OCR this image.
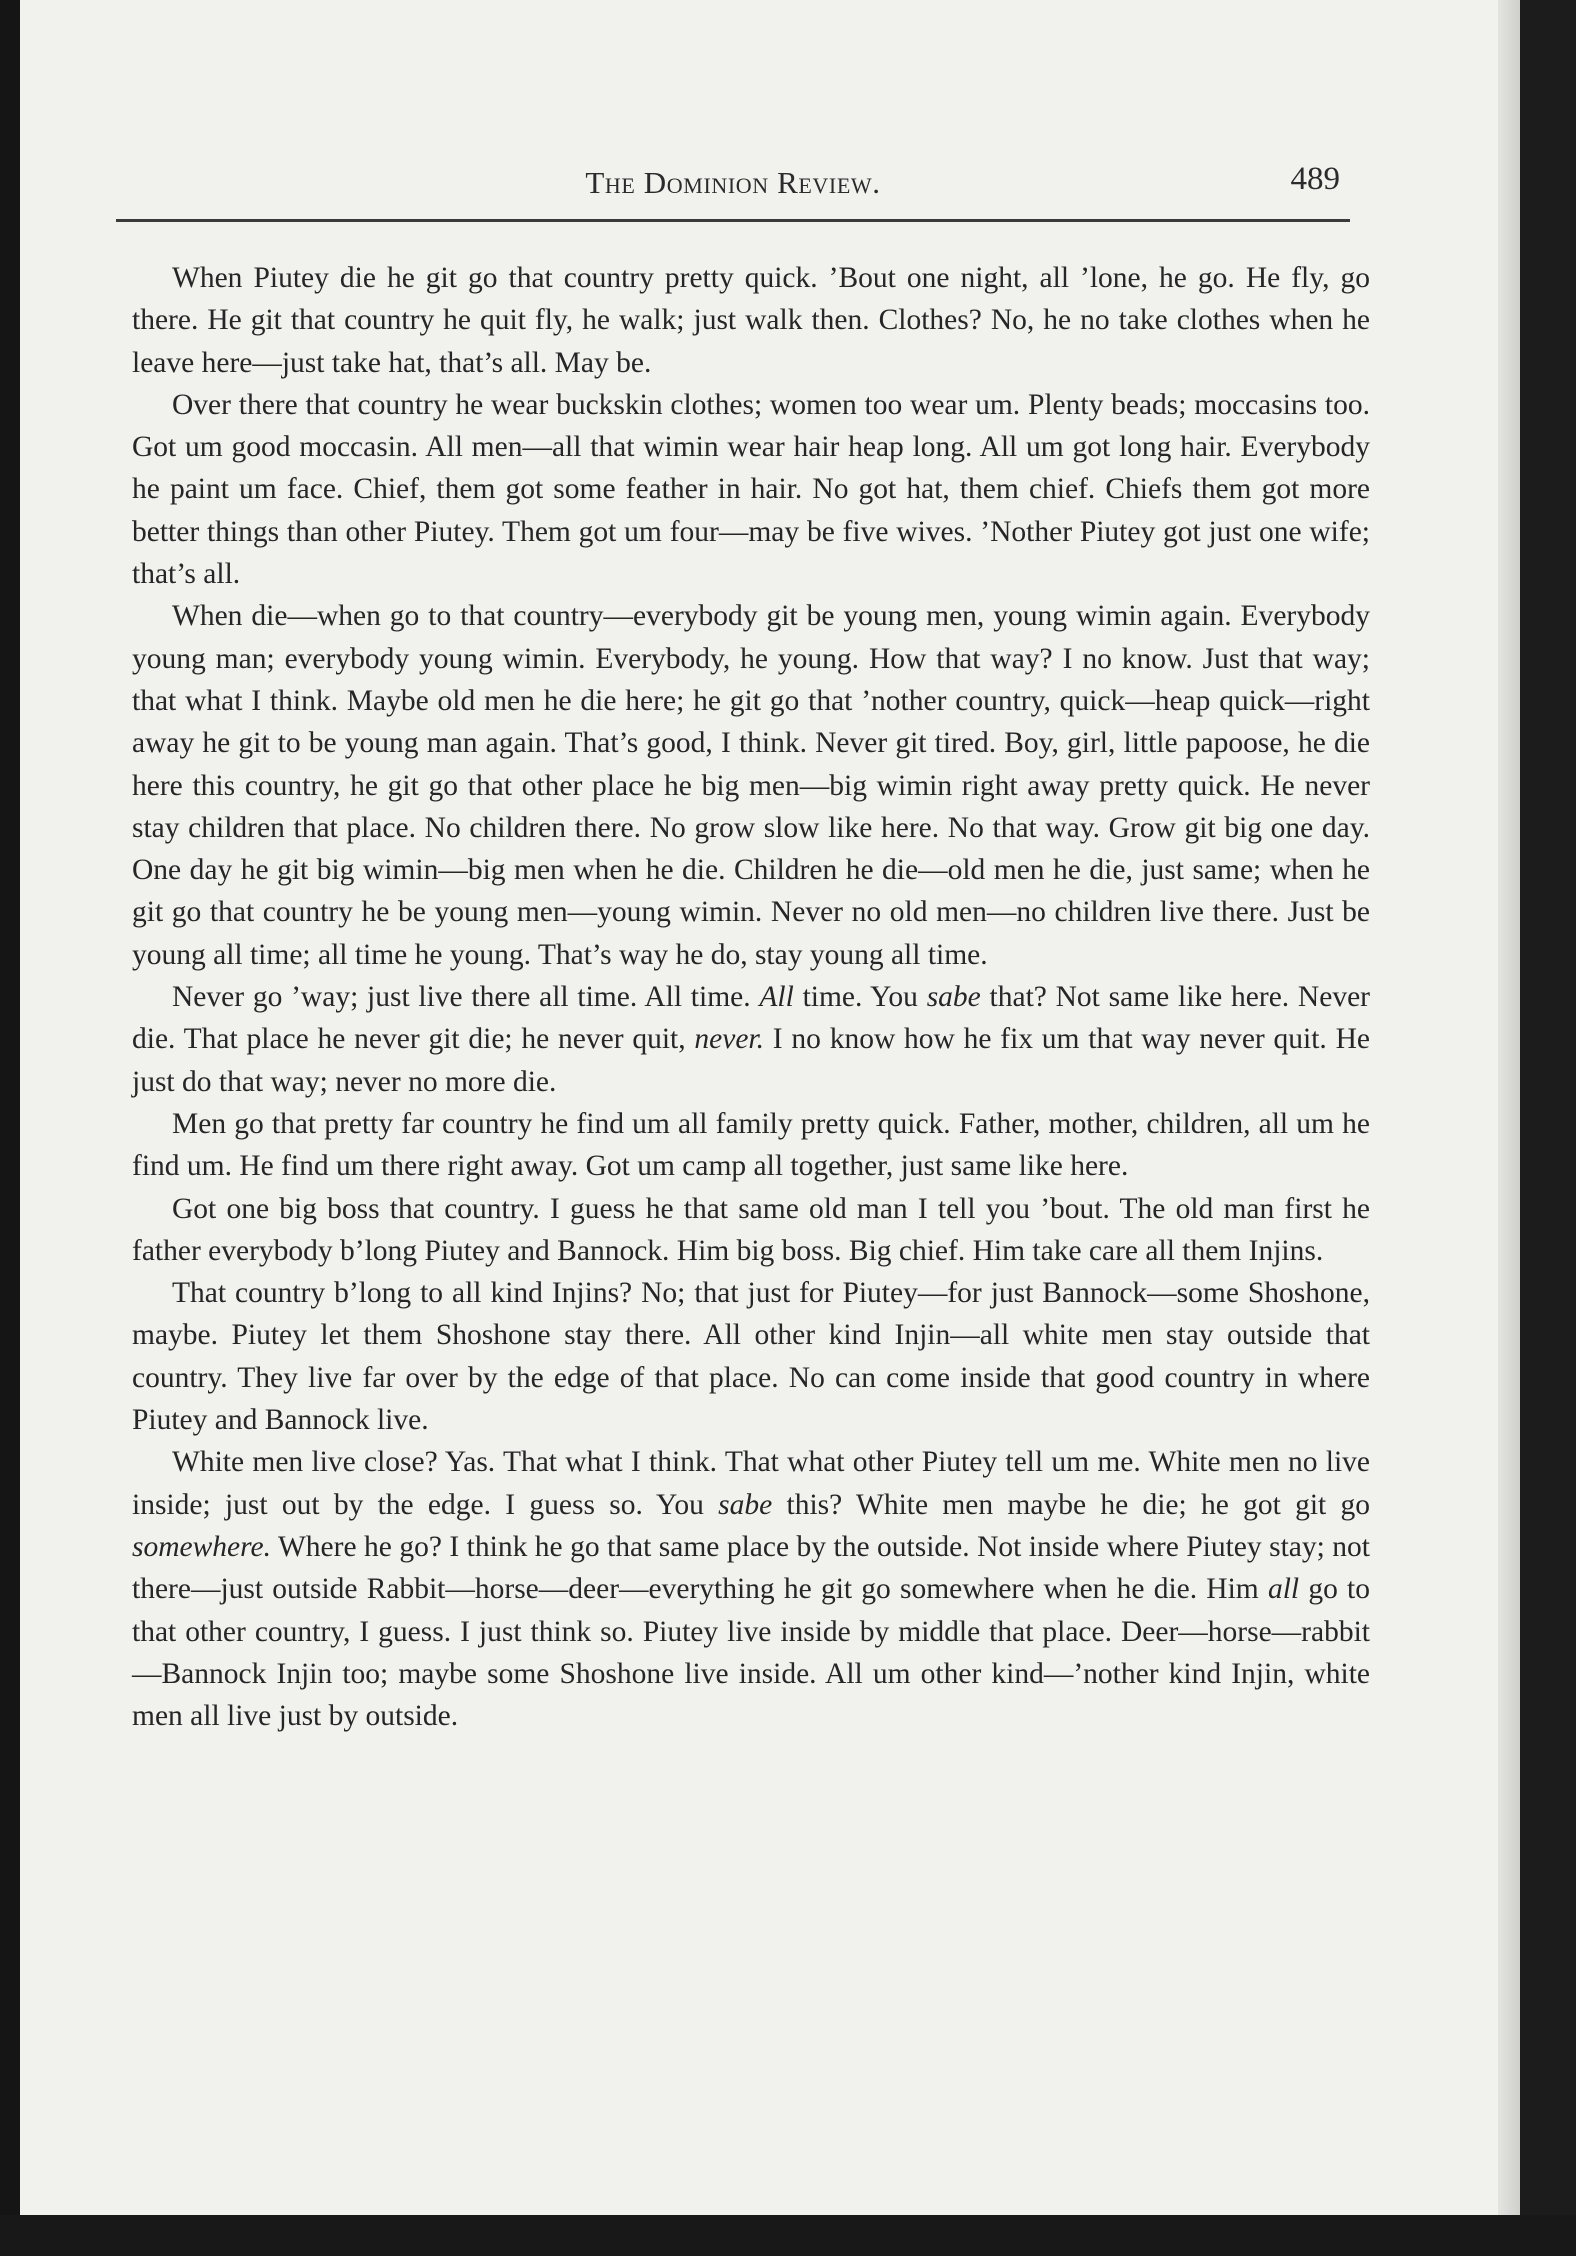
The Dominion Review.	489

When Piutey die he git go that country pretty quick. ’Bout one night, all ’lone, he go. He fly, go there. He git that country he quit fly, he walk; just walk then. Clothes? No, he no take clothes when he leave here—just take hat, that’s all. May be.

Over there that country he wear buckskin clothes; women too wear um. Plenty beads; moccasins too. Got um good moccasin. All men—all that wimin wear hair heap long. All um got long hair. Everybody he paint um face. Chief, them got some feather in hair. No got hat, them chief. Chiefs them got more better things than other Piutey. Them got um four—may be five wives. ’Nother Piutey got just one wife; that’s all.

When die—when go to that country—everybody git be young men, young wimin again. Everybody young man; everybody young wimin. Everybody, he young. How that way? I no know. Just that way; that what I think. Maybe old men he die here; he git go that ’nother country, quick—heap quick—right away he git to be young man again. That’s good, I think. Never git tired. Boy, girl, little papoose, he die here this country, he git go that other place he big men—big wimin right away pretty quick. He never stay children that place. No children there. No grow slow like here. No that way. Grow git big one day. One day he git big wimin—big men when he die. Children he die—old men he die, just same; when he git go that country he be young men—young wimin. Never no old men—no children live there. Just be young all time; all time he young. That’s way he do, stay young all time.

Never go ’way; just live there all time. All time. All time. You sabe that? Not same like here. Never die. That place he never git die; he never quit, never. I no know how he fix um that way never quit. He just do that way; never no more die.

Men go that pretty far country he find um all family pretty quick. Father, mother, children, all um he find um. He find um there right away. Got um camp all together, just same like here.

Got one big boss that country. I guess he that same old man I tell you ’bout. The old man first he father everybody b’long Piutey and Bannock. Him big boss. Big chief. Him take care all them Injins.

That country b’long to all kind Injins? No; that just for Piutey—for just Bannock—some Shoshone, maybe. Piutey let them Shoshone stay there. All other kind Injin—all white men stay outside that country. They live far over by the edge of that place. No can come inside that good country in where Piutey and Bannock live.

White men live close? Yas. That what I think. That what other Piutey tell um me. White men no live inside; just out by the edge. I guess so. You sabe this? White men maybe he die; he got git go somewhere. Where he go? I think he go that same place by the outside. Not inside where Piutey stay; not there—just outside Rabbit—horse—deer—everything he git go somewhere when he die. Him all go to that other country, I guess. I just think so. Piutey live inside by middle that place. Deer—horse—rabbit—Bannock Injin too; maybe some Shoshone live inside. All um other kind—’nother kind Injin, white men all live just by outside.
